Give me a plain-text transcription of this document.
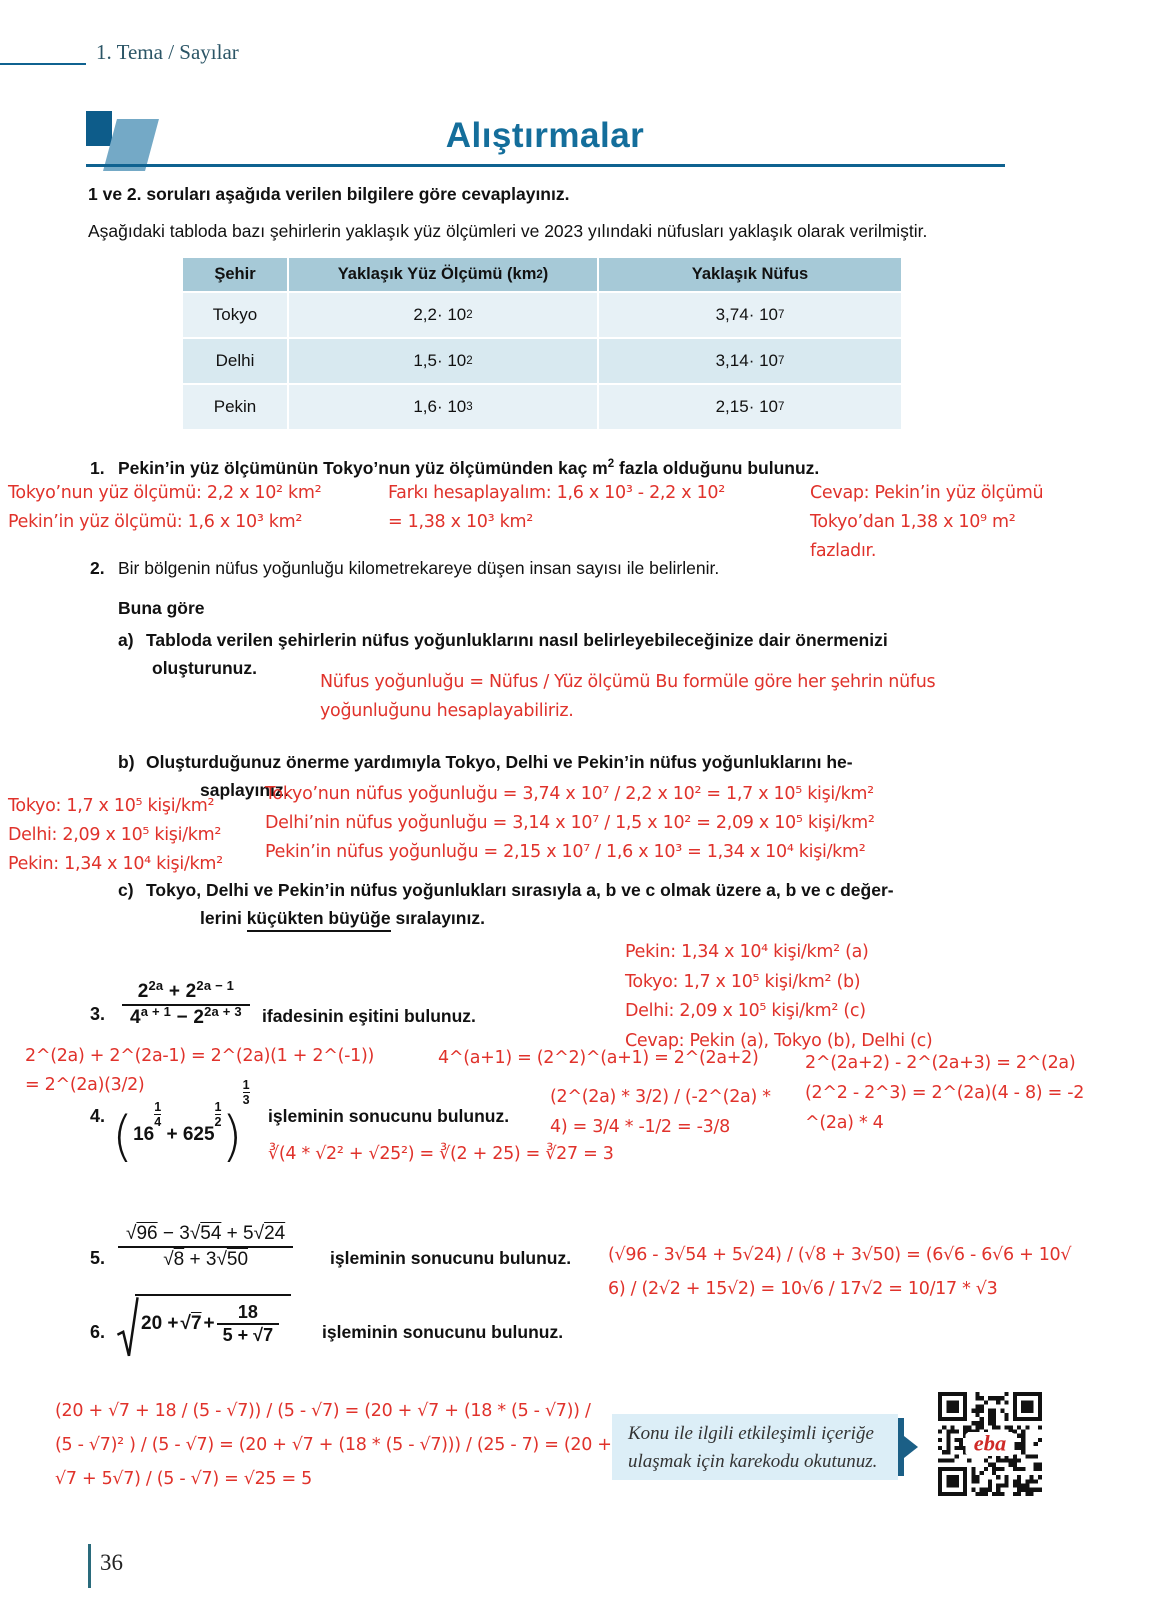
1. Tema / Sayılar
Alıştırmalar
1 ve 2. soruları aşağıda verilen bilgilere göre cevaplayınız.
Aşağıdaki tabloda bazı şehirlerin yaklaşık yüz ölçümleri ve 2023 yılındaki nüfusları yaklaşık olarak verilmiştir.
Şehir	Yaklaşık Yüz Ölçümü (km 2 )	Yaklaşık Nüfus
Tokyo	2,2 · 10 2	3,74 · 10 7
Delhi	1,5 · 10 2	3,14 · 10 7
Pekin	1,6 · 10 3	2,15 · 10 7
1. Pekin’in yüz ölçümünün Tokyo’nun yüz ölçümünden kaç $m^2$ fazla olduğunu bulunuz.
Tokyo’nun yüz ölçümü: 2,2 x 10² km²
Pekin’in yüz ölçümü: 1,6 x 10³ km²
Farkı hesaplayalım: 1,6 x 10³ - 2,2 x 10²
= 1,38 x 10³ km²
Cevap: Pekin’in yüz ölçümü
Tokyo’dan 1,38 x 10⁹ m²
fazladır.
2. Bir bölgenin nüfus yoğunluğu kilometrekareye düşen insan sayısı ile belirlenir.
Buna göre
a) Tabloda verilen şehirlerin nüfus yoğunluklarını nasıl belirleyebileceğinize dair önermenizi
oluşturunuz.
Nüfus yoğunluğu = Nüfus / Yüz ölçümü Bu formüle göre her şehrin nüfus
yoğunluğunu hesaplayabiliriz.
b) Oluşturduğunuz önerme yardımıyla Tokyo, Delhi ve Pekin’in nüfus yoğunluklarını he-
saplayınız.
Tokyo: 1,7 x 10⁵ kişi/km²
Delhi: 2,09 x 10⁵ kişi/km²
Pekin: 1,34 x 10⁴ kişi/km²
Tokyo’nun nüfus yoğunluğu = 3,74 x 10⁷ / 2,2 x 10² = 1,7 x 10⁵ kişi/km²
Delhi’nin nüfus yoğunluğu = 3,14 x 10⁷ / 1,5 x 10² = 2,09 x 10⁵ kişi/km²
Pekin’in nüfus yoğunluğu = 2,15 x 10⁷ / 1,6 x 10³ = 1,34 x 10⁴ kişi/km²
c) Tokyo, Delhi ve Pekin’in nüfus yoğunlukları sırasıyla a, b ve c olmak üzere a, b ve c değer-
lerini küçükten büyüğe sıralayınız.
Pekin: 1,34 x 10⁴ kişi/km² (a)
Tokyo: 1,7 x 10⁵ kişi/km² (b)
Delhi: 2,09 x 10⁵ kişi/km² (c)
Cevap: Pekin (a), Tokyo (b), Delhi (c)
3. $\frac{2^{2a} + 2^{2a - 1}}{4^{a + 1} - 2^{2a + 3}}$ ifadesinin eşitini bulunuz.
2^(2a) + 2^(2a-1) = 2^(2a)(1 + 2^(-1))
= 2^(2a)(3/2)
4^(a+1) = (2^2)^(a+1) = 2^(2a+2)	2^(2a+2) - 2^(2a+3) = 2^(2a)
(2^2 - 2^3) = 2^(2a)(4 - 8) = -2
^(2a) * 4
(2^(2a) * 3/2) / (-2^(2a) *
4) = 3/4 * -1/2 = -3/8
4. (16
$\frac{1}{4}$
+ 625
$\frac{1}{2}$ )
$\frac{1}{3}$
işleminin sonucunu bulunuz.
∛(4 * √2² + √25²) = ∛(2 + 25) = ∛27 = 3
5. $\frac{√96 - 3√54 + 5√24}{√8 + 3√50}$ işleminin sonucunu bulunuz. (√96 - 3√54 + 5√24) / (√8 + 3√50) = (6√6 - 6√6 + 10√
6) / (2√2 + 15√2) = 10√6 / 17√2 = 10/17 * √3
6. $20 + √7 + \frac{18}{5 + √7}$ işleminin sonucunu bulunuz.
(20 + √7 + 18 / (5 - √7)) / (5 - √7) = (20 + √7 + (18 * (5 - √7)) /
(5 - √7)² ) / (5 - √7) = (20 + √7 + (18 * (5 - √7))) / (25 - 7) = (20 +
√7 + 5√7) / (5 - √7) = √25 = 5
Konu ile ilgili etkileşimli içeriğe
ulaşmak için karekodu okutunuz.
eba
36
